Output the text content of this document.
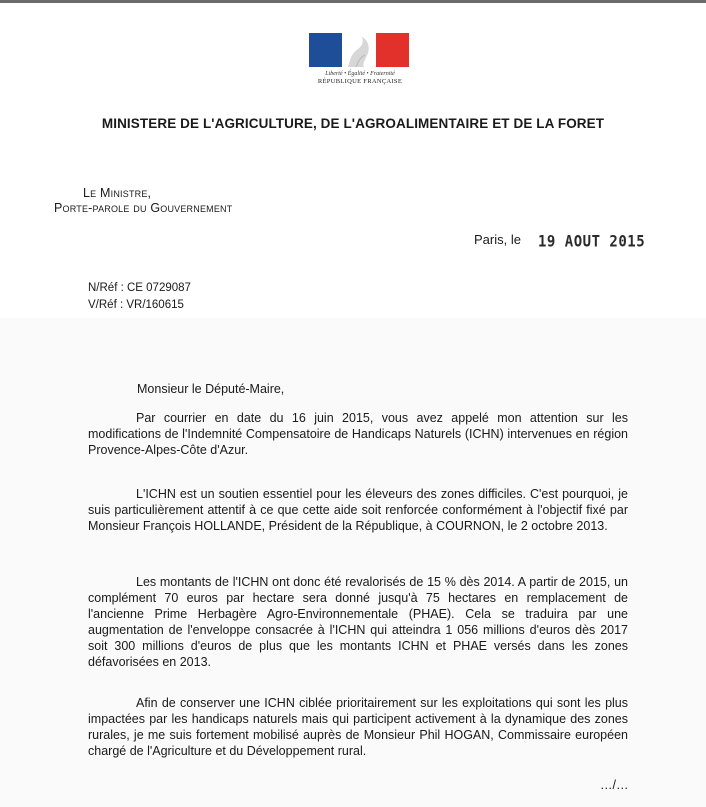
Liberté • Égalité • Fraternité
RÉPUBLIQUE FRANÇAISE
MINISTERE DE L'AGRICULTURE, DE L'AGROALIMENTAIRE ET DE LA FORET
Le Ministre,
Porte-parole du Gouvernement
Paris, le 19 AOUT 2015
N/Réf : CE 0729087
V/Réf : VR/160615
Monsieur le Député-Maire,

Par courrier en date du 16 juin 2015, vous avez appelé mon attention sur les modifications de l'Indemnité Compensatoire de Handicaps Naturels (ICHN) intervenues en région Provence-Alpes-Côte d'Azur.

L'ICHN est un soutien essentiel pour les éleveurs des zones difficiles. C'est pourquoi, je suis particulièrement attentif à ce que cette aide soit renforcée conformément à l'objectif fixé par Monsieur François HOLLANDE, Président de la République, à COURNON, le 2 octobre 2013.

Les montants de l'ICHN ont donc été revalorisés de 15 % dès 2014. A partir de 2015, un complément 70 euros par hectare sera donné jusqu'à 75 hectares en remplacement de l'ancienne Prime Herbagère Agro-Environnementale (PHAE). Cela se traduira par une augmentation de l'enveloppe consacrée à l'ICHN qui atteindra 1 056 millions d'euros dès 2017 soit 300 millions d'euros de plus que les montants ICHN et PHAE versés dans les zones défavorisées en 2013.

Afin de conserver une ICHN ciblée prioritairement sur les exploitations qui sont les plus impactées par les handicaps naturels mais qui participent activement à la dynamique des zones rurales, je me suis fortement mobilisé auprès de Monsieur Phil HOGAN, Commissaire européen chargé de l'Agriculture et du Développement rural.

…/…
